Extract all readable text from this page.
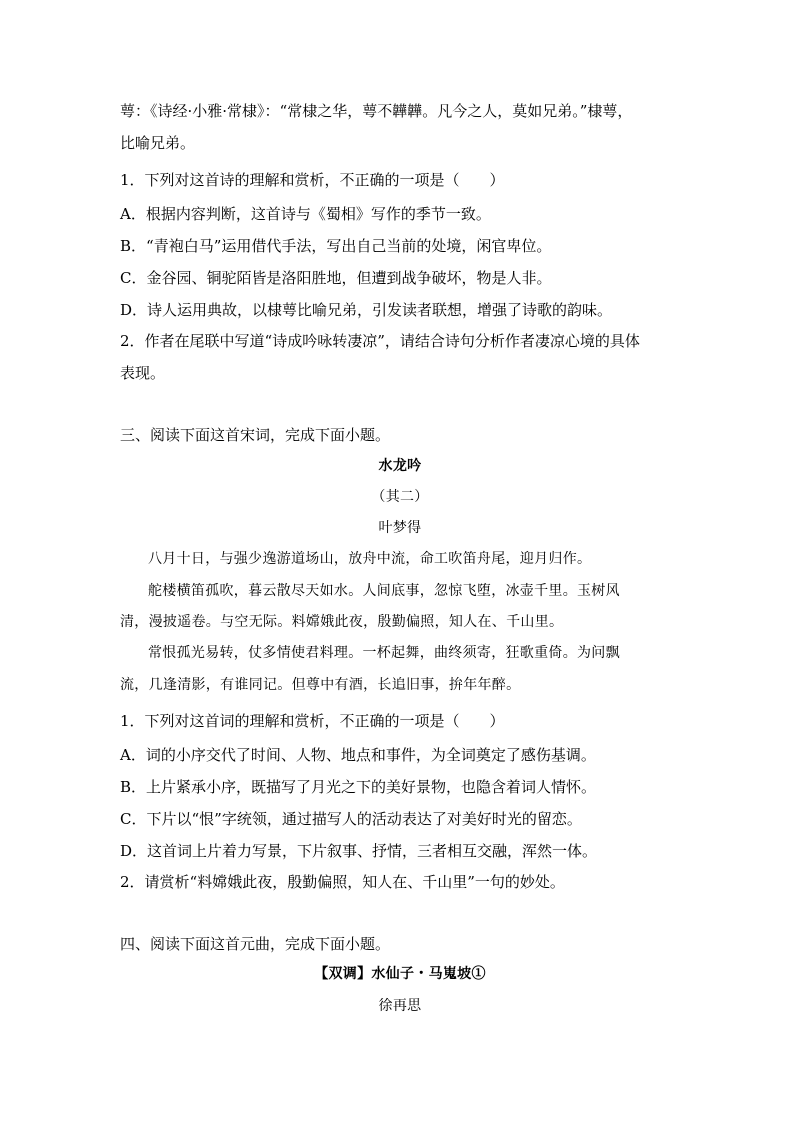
萼：《诗经·小雅·常棣》：“常棣之华，萼不韡韡。凡今之人，莫如兄弟。”棣萼，
比喻兄弟。
1．下列对这首诗的理解和赏析，不正确的一项是（　　）
A．根据内容判断，这首诗与《蜀相》写作的季节一致。
B．“青袍白马”运用借代手法，写出自己当前的处境，闲官卑位。
C．金谷园、铜驼陌皆是洛阳胜地，但遭到战争破坏，物是人非。
D．诗人运用典故，以棣萼比喻兄弟，引发读者联想，增强了诗歌的韵味。
2．作者在尾联中写道“诗成吟咏转凄凉”，请结合诗句分析作者凄凉心境的具体
表现。
三、阅读下面这首宋词，完成下面小题。
水龙吟
（其二）
叶梦得
八月十日，与强少逸游道场山，放舟中流，命工吹笛舟尾，迎月归作。
舵楼横笛孤吹，暮云散尽天如水。人间底事，忽惊飞堕，冰壶千里。玉树风
清，漫披遥卷。与空无际。料嫦娥此夜，殷勤偏照，知人在、千山里。
常恨孤光易转，仗多情使君料理。一杯起舞，曲终须寄，狂歌重倚。为问飘
流，几逢清影，有谁同记。但尊中有酒，长追旧事，拚年年醉。
1．下列对这首词的理解和赏析，不正确的一项是（　　）
A．词的小序交代了时间、人物、地点和事件，为全词奠定了感伤基调。
B．上片紧承小序，既描写了月光之下的美好景物，也隐含着词人情怀。
C．下片以“恨”字统领，通过描写人的活动表达了对美好时光的留恋。
D．这首词上片着力写景，下片叙事、抒情，三者相互交融，浑然一体。
2．请赏析“料嫦娥此夜，殷勤偏照，知人在、千山里”一句的妙处。
四、阅读下面这首元曲，完成下面小题。
【双调】水仙子・马嵬坡①
徐再思
